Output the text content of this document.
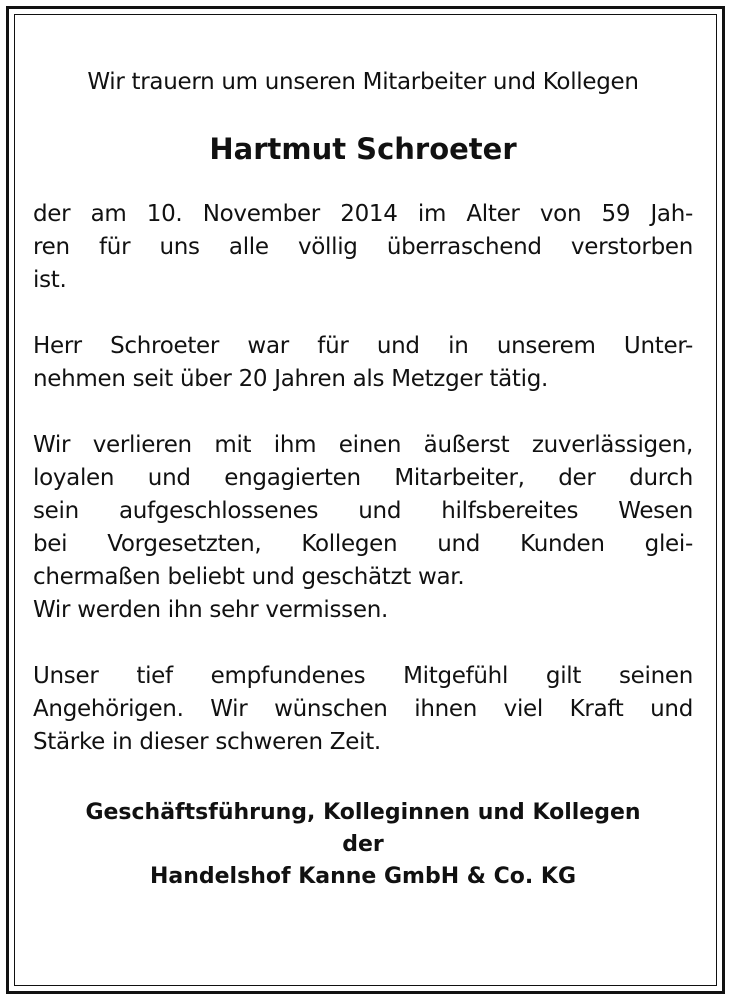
Wir trauern um unseren Mitarbeiter und Kollegen

Hartmut Schroeter

der am 10. November 2014 im Alter von 59 Jah-
ren für uns alle völlig überraschend verstorben
ist.

Herr Schroeter war für und in unserem Unter-
nehmen seit über 20 Jahren als Metzger tätig.

Wir verlieren mit ihm einen äußerst zuverlässigen,
loyalen und engagierten Mitarbeiter, der durch
sein aufgeschlossenes und hilfsbereites Wesen
bei Vorgesetzten, Kollegen und Kunden glei-
chermaßen beliebt und geschätzt war.
Wir werden ihn sehr vermissen.

Unser tief empfundenes Mitgefühl gilt seinen
Angehörigen. Wir wünschen ihnen viel Kraft und
Stärke in dieser schweren Zeit.

Geschäftsführung, Kolleginnen und Kollegen
der
Handelshof Kanne GmbH & Co. KG
